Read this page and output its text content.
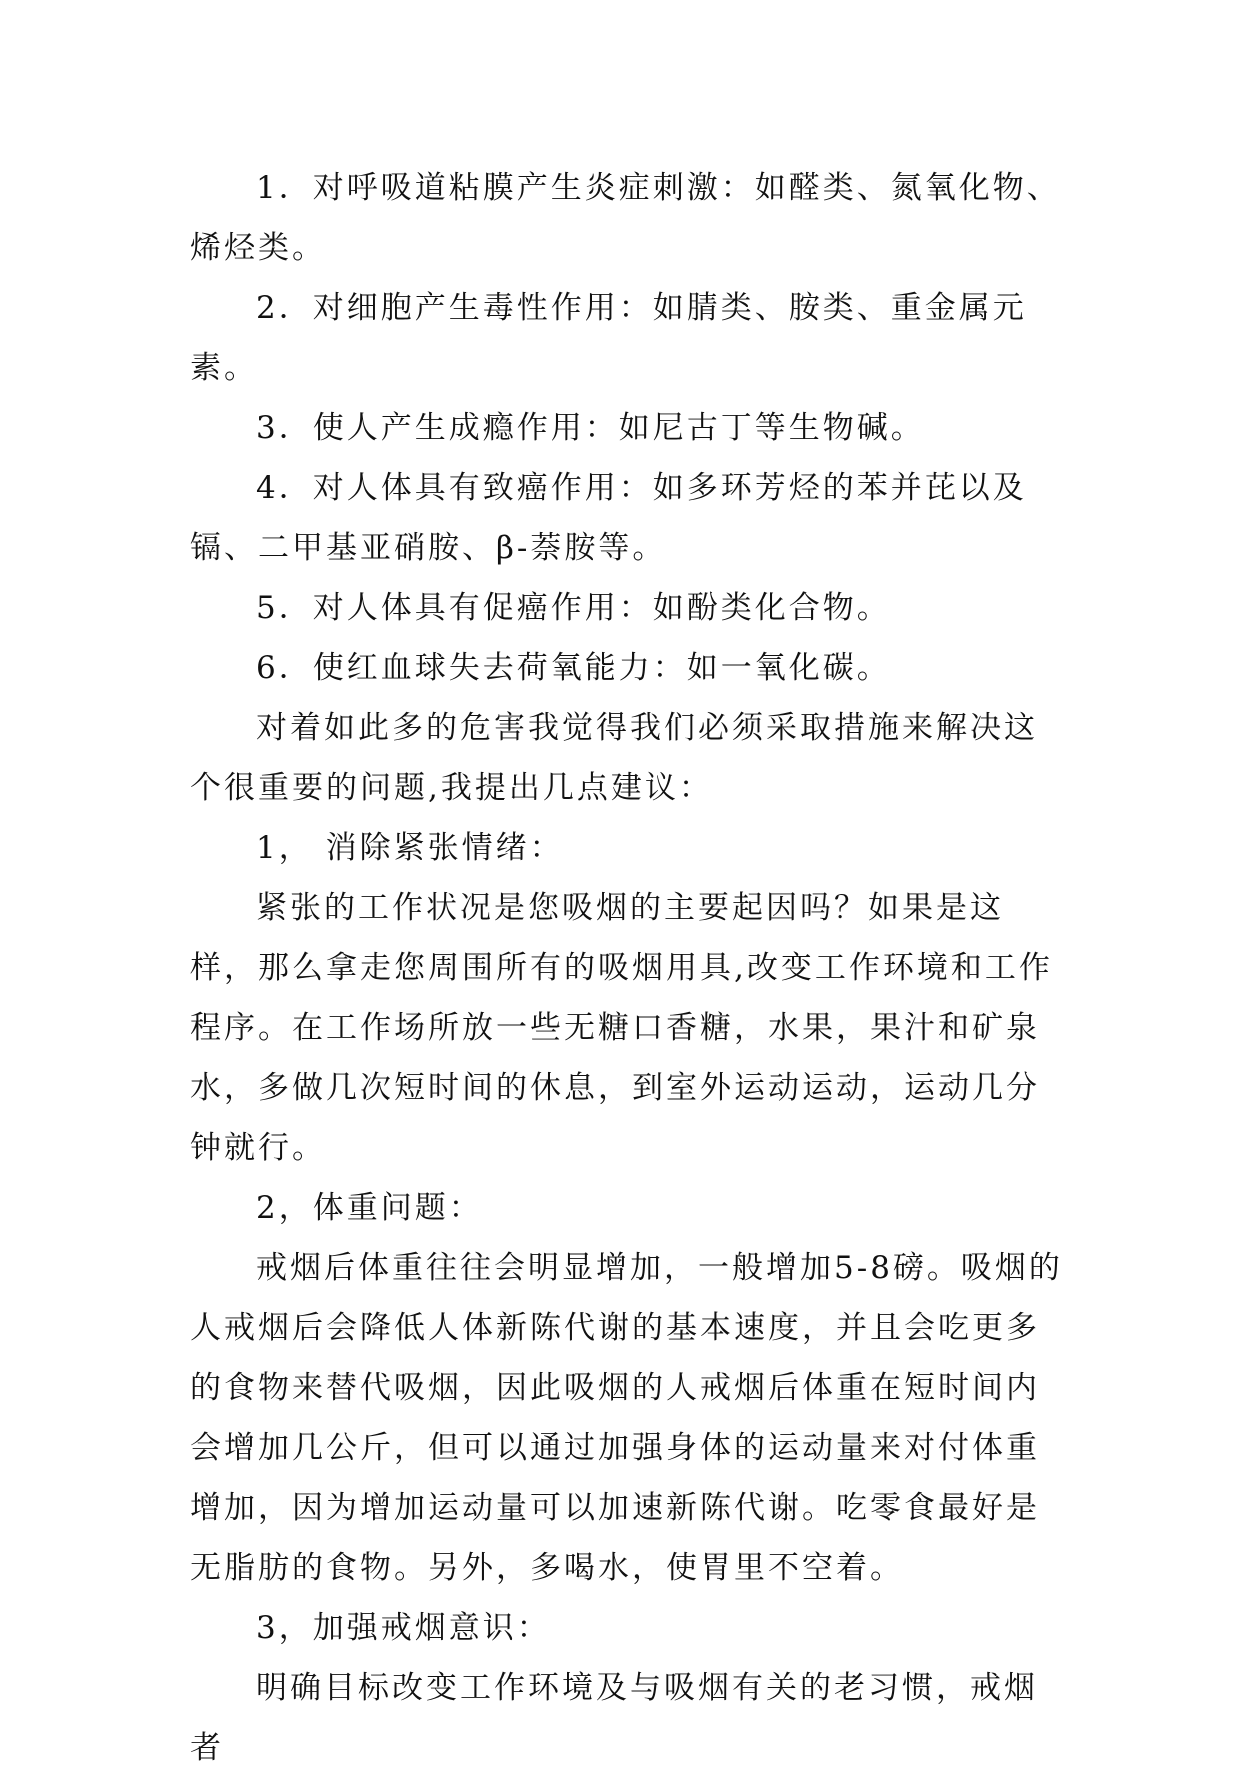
1．对呼吸道粘膜产生炎症刺激：如醛类、氮氧化物、烯烃类。

2．对细胞产生毒性作用：如腈类、胺类、重金属元素。

3．使人产生成瘾作用：如尼古丁等生物碱。

4．对人体具有致癌作用：如多环芳烃的苯并芘以及镉、二甲基亚硝胺、β-萘胺等。

5．对人体具有促癌作用：如酚类化合物。

6．使红血球失去荷氧能力：如一氧化碳。

对着如此多的危害我觉得我们必须采取措施来解决这个很重要的问题,我提出几点建议：

1， 消除紧张情绪：

紧张的工作状况是您吸烟的主要起因吗？如果是这样，那么拿走您周围所有的吸烟用具,改变工作环境和工作程序。在工作场所放一些无糖口香糖，水果，果汁和矿泉水，多做几次短时间的休息，到室外运动运动，运动几分钟就行。

2，体重问题：

戒烟后体重往往会明显增加，一般增加5-8磅。吸烟的人戒烟后会降低人体新陈代谢的基本速度，并且会吃更多的食物来替代吸烟，因此吸烟的人戒烟后体重在短时间内会增加几公斤，但可以通过加强身体的运动量来对付体重增加，因为增加运动量可以加速新陈代谢。吃零食最好是无脂肪的食物。另外，多喝水，使胃里不空着。

3，加强戒烟意识：

明确目标改变工作环境及与吸烟有关的老习惯，戒烟者
